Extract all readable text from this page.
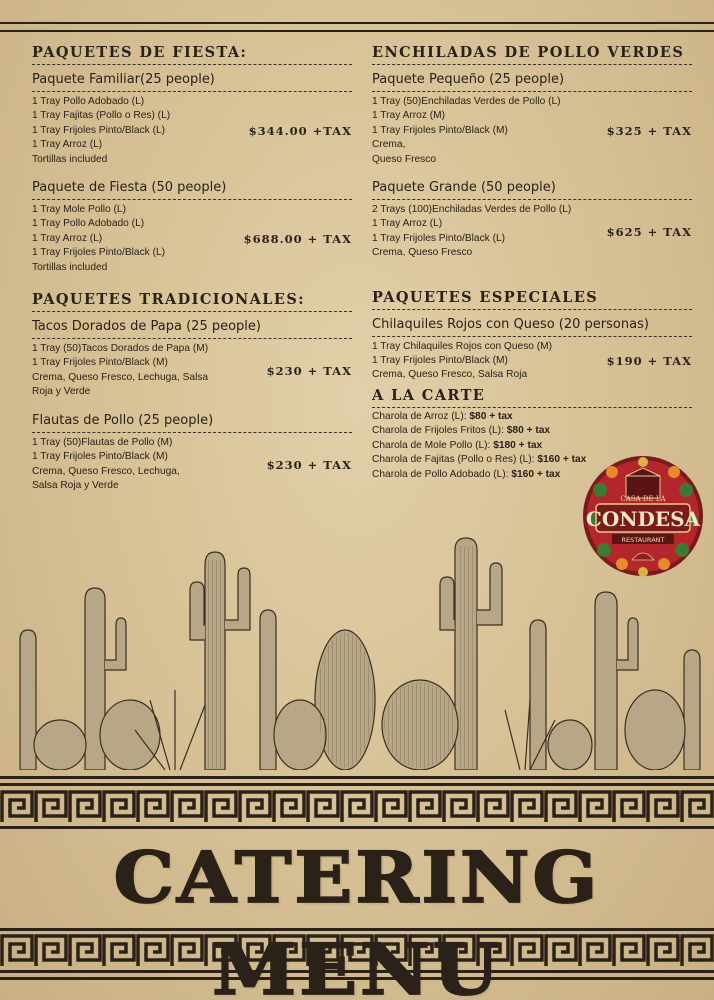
PAQUETES DE FIESTA:
Paquete Familiar(25 people)
1 Tray Pollo Adobado (L)
1 Tray Fajitas (Pollo o Res) (L)
1 Tray Frijoles Pinto/Black (L)
1 Tray Arroz (L)
Tortillas included
$344.00 +TAX
Paquete de Fiesta (50 people)
1 Tray Mole Pollo (L)
1 Tray Pollo Adobado (L)
1 Tray Arroz (L)
1 Tray Frijoles Pinto/Black (L)
Tortillas included
$688.00 + TAX
PAQUETES TRADICIONALES:
Tacos Dorados de Papa (25 people)
1 Tray (50)Tacos Dorados de Papa (M)
1 Tray Frijoles Pinto/Black (M)
Crema, Queso Fresco, Lechuga, Salsa
Roja y Verde
$230 + TAX
Flautas de Pollo (25 people)
1 Tray (50)Flautas de Pollo (M)
1 Tray Frijoles Pinto/Black (M)
Crema, Queso Fresco, Lechuga,
Salsa Roja y Verde
$230 + TAX
ENCHILADAS DE POLLO VERDES
Paquete Pequeño (25 people)
1 Tray (50)Enchiladas Verdes de Pollo (L)
1 Tray Arroz (M)
1 Tray Frijoles Pinto/Black (M)
Crema,
Queso Fresco
$325 + TAX
Paquete Grande (50 people)
2 Trays (100)Enchiladas Verdes de Pollo (L)
1 Tray Arroz (L)
1 Tray Frijoles Pinto/Black (L)
Crema, Queso Fresco
$625 + TAX
PAQUETES ESPECIALES
Chilaquiles Rojos con Queso (20 personas)
1 Tray Chilaquiles Rojos con Queso (M)
1 Tray Frijoles Pinto/Black (M)
Crema, Queso Fresco, Salsa Roja
$190 + TAX
A LA CARTE
Charola de Arroz (L): $80 + tax
Charola de Frijoles Fritos (L): $80 + tax
Charola de Mole Pollo (L): $180 + tax
Charola de Fajitas (Pollo o Res) (L): $160 + tax
Charola de Pollo Adobado (L): $160 + tax
CASA DE LA
CONDESA
RESTAURANT
CATERING
